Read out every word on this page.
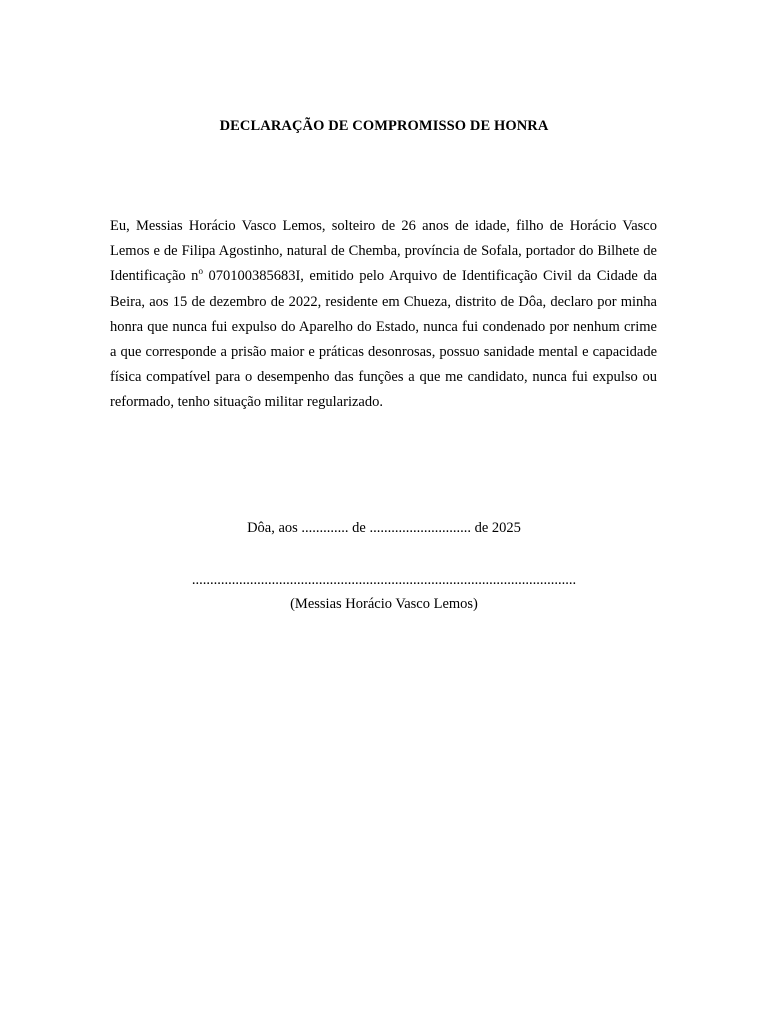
DECLARAÇÃO DE COMPROMISSO DE HONRA

Eu, Messias Horácio Vasco Lemos, solteiro de 26 anos de idade, filho de Horácio Vasco Lemos e de Filipa Agostinho, natural de Chemba, província de Sofala, portador do Bilhete de Identificação $n^o$ 070100385683I, emitido pelo Arquivo de Identificação Civil da Cidade da Beira, aos 15 de dezembro de 2022, residente em Chueza, distrito de Dôa, declaro por minha honra que nunca fui expulso do Aparelho do Estado, nunca fui condenado por nenhum crime a que corresponde a prisão maior e práticas desonrosas, possuo sanidade mental e capacidade física compatível para o desempenho das funções a que me candidato, nunca fui expulso ou reformado, tenho situação militar regularizado.

Dôa, aos ............. de ............................ de 2025

..........................................................................................................

(Messias Horácio Vasco Lemos)
